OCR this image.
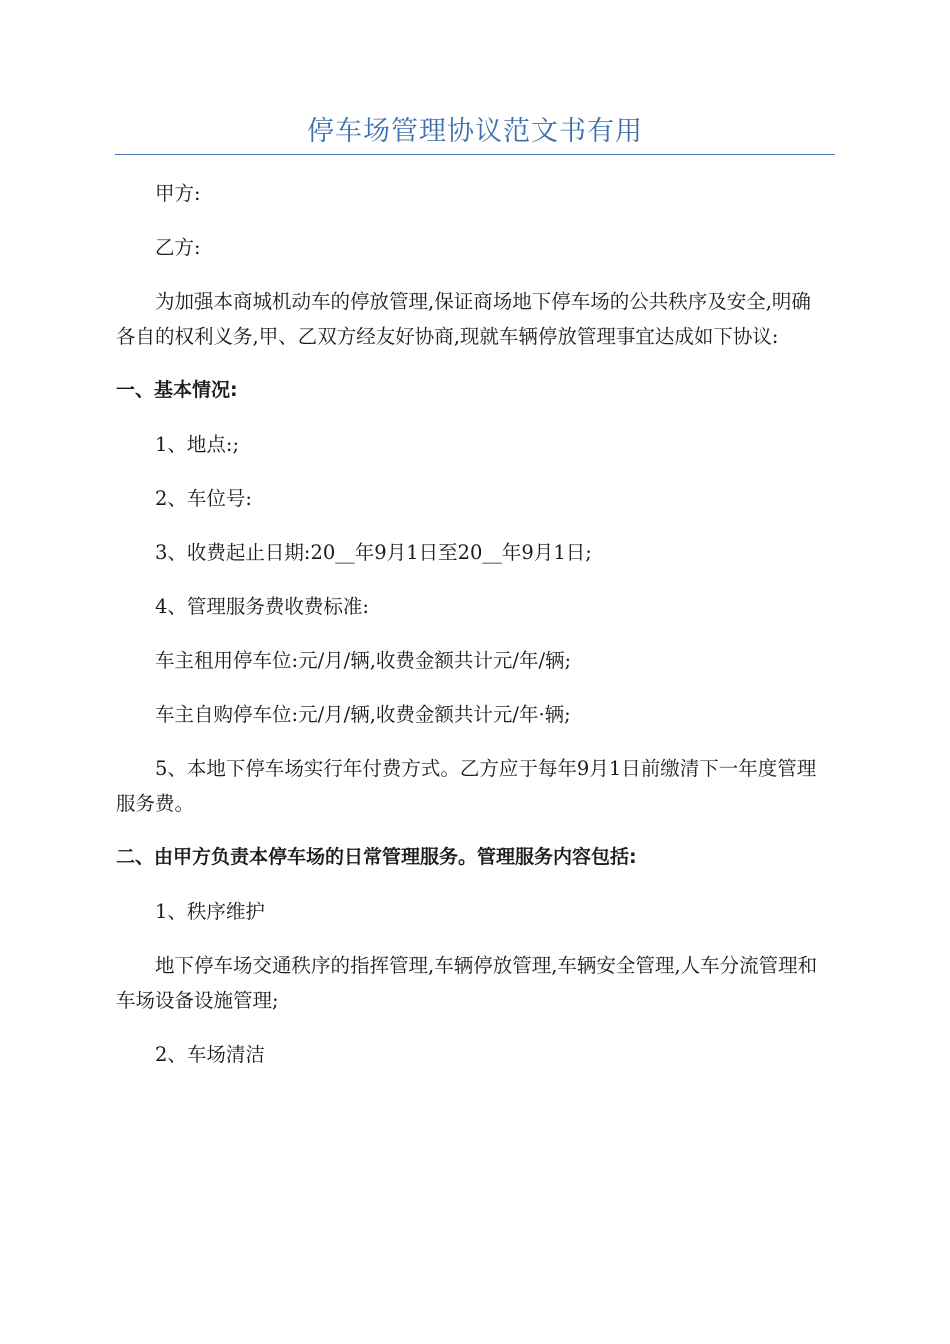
停车场管理协议范文书有用

甲方:

乙方:

为加强本商城机动车的停放管理,保证商场地下停车场的公共秩序及安全,明确各自的权利义务,甲、乙双方经友好协商,现就车辆停放管理事宜达成如下协议:

一、基本情况:

1、地点:;

2、车位号:

3、收费起止日期:20__年9月1日至20__年9月1日;

4、管理服务费收费标准:

车主租用停车位:元/月/辆,收费金额共计元/年/辆;

车主自购停车位:元/月/辆,收费金额共计元/年·辆;

5、本地下停车场实行年付费方式。乙方应于每年9月1日前缴清下一年度管理服务费。

二、由甲方负责本停车场的日常管理服务。管理服务内容包括:

1、秩序维护

地下停车场交通秩序的指挥管理,车辆停放管理,车辆安全管理,人车分流管理和车场设备设施管理;

2、车场清洁
